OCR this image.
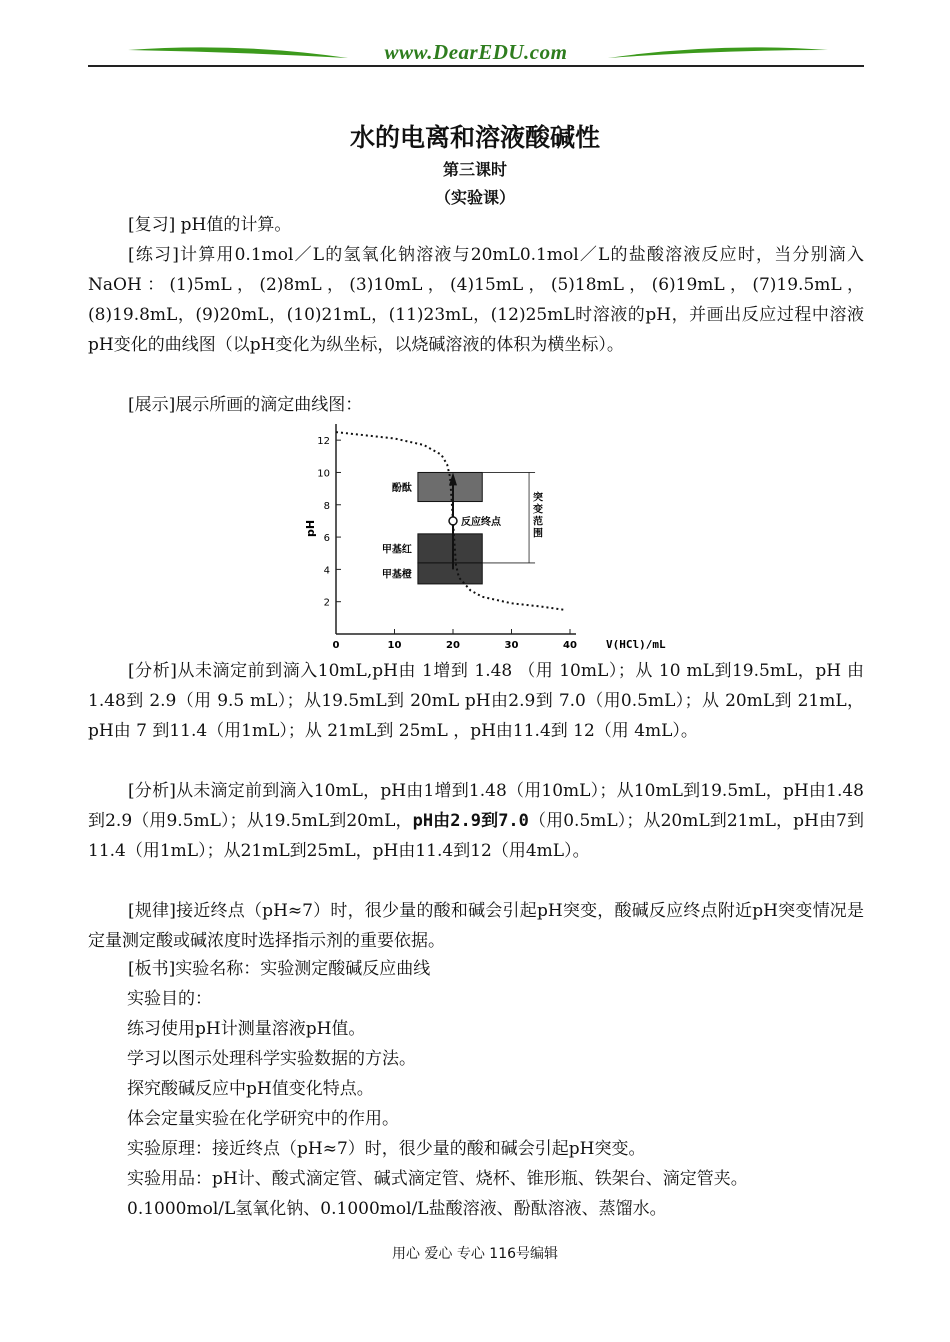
www.DearEDU.com
水的电离和溶液酸碱性
第三课时
（实验课）

[复习] pH值的计算。

[练习]计算用0.1mol／L的氢氧化钠溶液与20mL0.1mol／L的盐酸溶液反应时，当分别滴入NaOH：(1)5mL，(2)8mL，(3)10mL，(4)15mL，(5)18mL，(6)19mL，(7)19.5mL，(8)19.8mL，(9)20mL，(10)21mL，(11)23mL，(12)25mL时溶液的pH，并画出反应过程中溶液pH变化的曲线图（以pH变化为纵坐标，以烧碱溶液的体积为横坐标）。

[展示]展示所画的滴定曲线图：

2
4
6
8
10
12
0	10	20	30	40
pH
V(HCl)/mL
酚酞
甲基红
甲基橙
突
变
范
围
反应终点

[分析]从未滴定前到滴入10mL,pH由 1增到 1.48 （用 10mL）；从 10 mL到19.5mL，pH 由1.48到 2.9（用 9.5 mL）；从19.5mL到 20mL pH由2.9到 7.0（用0.5mL）；从 20mL到 21mL，pH由 7 到11.4（用1mL）；从 21mL到 25mL ，pH由11.4到 12（用 4mL）。

[分析]从未滴定前到滴入10mL，pH由1增到1.48（用10mL）；从10mL到19.5mL，pH由1.48到2.9（用9.5mL）；从19.5mL到20mL，pH由2.9到7.0（用0.5mL）；从20mL到21mL，pH由7到11.4（用1mL）；从21mL到25mL，pH由11.4到12（用4mL）。

[规律]接近终点（pH≈7）时，很少量的酸和碱会引起pH突变，酸碱反应终点附近pH突变情况是定量测定酸或碱浓度时选择指示剂的重要依据。

[板书]实验名称：实验测定酸碱反应曲线

实验目的：

练习使用pH计测量溶液pH值。

学习以图示处理科学实验数据的方法。

探究酸碱反应中pH值变化特点。

体会定量实验在化学研究中的作用。

实验原理：接近终点（pH≈7）时，很少量的酸和碱会引起pH突变。

实验用品：pH计、酸式滴定管、碱式滴定管、烧杯、锥形瓶、铁架台、滴定管夹。

0.1000mol/L氢氧化钠、0.1000mol/L盐酸溶液、酚酞溶液、蒸馏水。

用心 爱心 专心 116号编辑
